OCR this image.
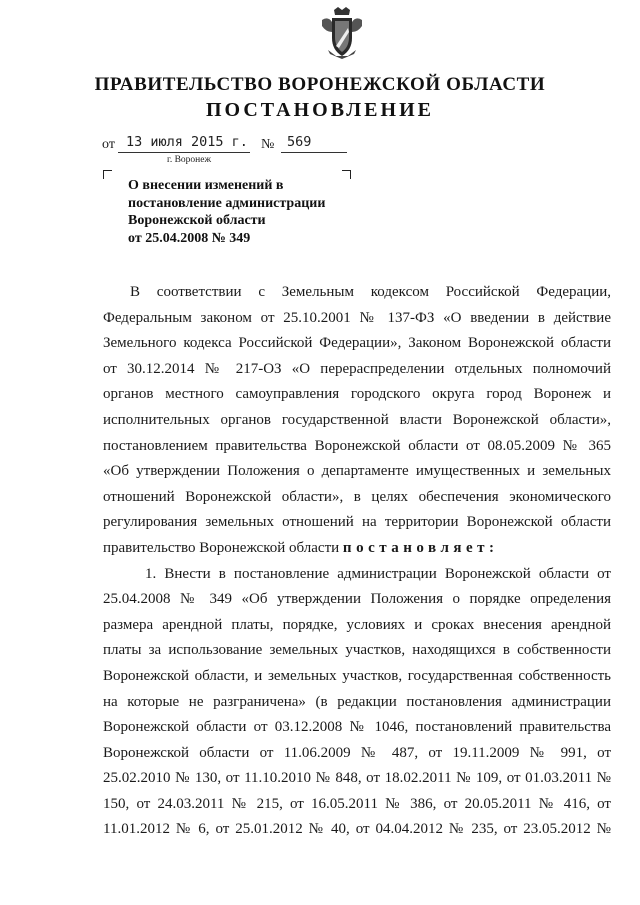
ПРАВИТЕЛЬСТВО ВОРОНЕЖСКОЙ ОБЛАСТИ
ПОСТАНОВЛЕНИЕ
от 13 июля 2015 г. № 569
г. Воронеж
О внесении изменений в
постановление администрации
Воронежской области
от 25.04.2008 № 349
В соответствии с Земельным кодексом Российской Федерации,
Федеральным законом от 25.10.2001 № 137-ФЗ «О введении в действие
Земельного кодекса Российской Федерации», Законом Воронежской области
от 30.12.2014 № 217-ОЗ «О перераспределении отдельных полномочий
органов местного самоуправления городского округа город Воронеж и
исполнительных органов государственной власти Воронежской области»,
постановлением правительства Воронежской области от 08.05.2009 № 365
«Об утверждении Положения о департаменте имущественных и земельных
отношений Воронежской области», в целях обеспечения экономического
регулирования земельных отношений на территории Воронежской области
правительство Воронежской области постановляет:
1. Внести в постановление администрации Воронежской области от
25.04.2008 № 349 «Об утверждении Положения о порядке определения
размера арендной платы, порядке, условиях и сроках внесения арендной
платы за использование земельных участков, находящихся в собственности
Воронежской области, и земельных участков, государственная собственность
на которые не разграничена» (в редакции постановления администрации
Воронежской области от 03.12.2008 № 1046, постановлений правительства
Воронежской области от 11.06.2009 № 487, от 19.11.2009 № 991, от
25.02.2010 № 130, от 11.10.2010 № 848, от 18.02.2011 № 109, от 01.03.2011 №
150, от 24.03.2011 № 215, от 16.05.2011 № 386, от 20.05.2011 № 416, от
11.01.2012 № 6, от 25.01.2012 № 40, от 04.04.2012 № 235, от 23.05.2012 №
